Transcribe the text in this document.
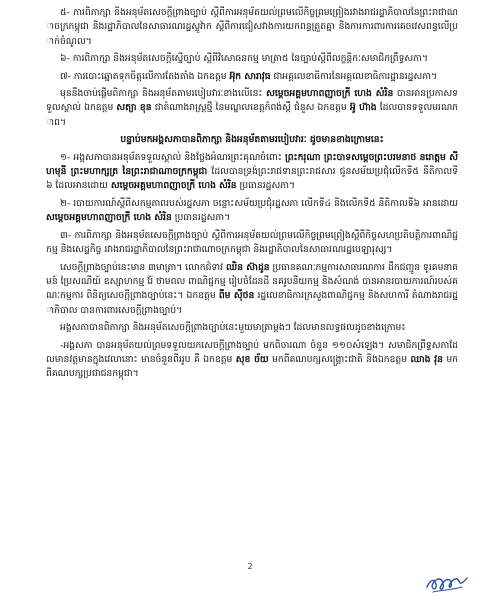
៥- ការពិភាក្សា និងអនុម័តសេចក្តីព្រាងច្បាប់ ស្តីពីការអនុម័តយល់ព្រមលើកិច្ចព្រមព្រៀងរវាងរាជរដ្ឋាភិបាលនៃព្រះរាជាណាចក្រកម្ពុជា និងរដ្ឋាភិបាលនៃសាធារណរដ្ឋស្លូវ៉ាក ស្តីពីការជៀសវាងការយកពន្ធត្រួតគ្នា និងការការពារការគេចវេសពន្ធលើប្រាក់ចំណូល។

៦- ការពិភាក្សា និងអនុម័តសេចក្តីស្នើច្បាប់ ស្តីពីវិសោធនកម្ម មាត្រា៥ នៃច្បាប់ស្តីពីលក្ខន្តិកៈសមាជិកព្រឹទ្ធសភា។

៧- ការបោះឆ្នោតទុកចិត្តលើការតែងតាំង ឯកឧត្តម អ៊ុក សារាវុធ ជាអគ្គលេខាធិការនៃអគ្គលេខាធិការដ្ឋានរដ្ឋសភា។

មុននឹងចាប់ផ្តើមពិភាក្សា និងអនុម័តតាមរបៀបវារៈខាងលើនេះ សម្តេចអគ្គមហាពញាចក្រី ហេង សំរិន បានអានប្រកាសទទួលស្គាល់ ឯកឧត្តម សត្យា ខុន ជាតំណាងរាស្ត្រថ្មី នៃមណ្ឌលខេត្តកំពង់ស្ពឺ ជំនួស ឯកឧត្តម អ៊ូ ហ៊ាង ដែលបានទទួលមរណភាព។

បន្ទាប់មកអង្គសភាបានពិភាក្សា និងអនុម័តតាមរបៀបវារៈ ដូចមានខាងក្រោមនេះ

១- អង្គសភាបានអនុម័តទទួលស្គាល់ និងថ្លែងអំណរព្រះគុណចំពោះ ព្រះករុណា ព្រះបាទសម្តេចព្រះបរមនាថ នរោត្តម សីហមុនី ព្រះមហាក្សត្រ នៃព្រះរាជាណាចក្រកម្ពុជា ដែលបានទ្រង់ព្រះរាជទានព្រះរាជសារ ជូនសម័យប្រជុំលើកទី៥ នីតិកាលទី៦ ដែលអានដោយ សម្តេចអគ្គមហាពញាចក្រី ហេង សំរិន ប្រធានរដ្ឋសភា។

២- របាយការណ៍ស្តីពីសកម្មភាពរបស់រដ្ឋសភា ចន្លោះសម័យប្រជុំរដ្ឋសភា លើកទី៤ និងលើកទី៥ នីតិកាលទី៦ អានដោយ សម្តេចអគ្គមហាពញាចក្រី ហេង សំរិន ប្រធានរដ្ឋសភា។

៣- ការពិភាក្សា និងអនុម័តសេចក្តីព្រាងច្បាប់ ស្តីពីការអនុម័តយល់ព្រមលើកិច្ចព្រមព្រៀងស្តីពីកិច្ចសហប្រតិបត្តិការពាណិជ្ជកម្ម និងសេដ្ឋកិច្ច រវាងរាជរដ្ឋាភិបាលនៃព្រះរាជាណាចក្រកម្ពុជា និងរដ្ឋាភិបាលនៃសាធារណរដ្ឋបេឡារុស្ស។

សេចក្តីព្រាងច្បាប់នេះមាន ៣មាត្រា។ លោកជំទាវ ឈិន ស៊ាដូន ប្រធានគណៈកម្មការសាធារណការ ដឹកជញ្ជូន ទូរគមនាគមន៍ ប្រៃសណីយ៍ ឧស្សាហកម្ម រ៉ែ ថាមពល ពាណិជ្ជកម្ម រៀបចំដែនដី នគរូបនីយកម្ម និងសំណង់ បានអានរបាយការណ៍របស់គណៈកម្មការ ពិនិត្យសេចក្តីព្រាងច្បាប់នេះ។ ឯកឧត្តម ពឹម ស៊ីថន រដ្ឋលេខាធិការក្រសួងពាណិជ្ជកម្ម និងសហការី តំណាងរាជរដ្ឋាភិបាល បានការពារសេចក្តីព្រាងច្បាប់។

អង្គសភាបានពិភាក្សា និងអនុម័តសេចក្តីព្រាងច្បាប់នេះមួយមាត្រាម្តងៗ ដែលមានលទ្ធផលដូចខាងក្រោម៖

-អង្គសភា បានអនុម័តយល់ព្រមទទួលយកសេចក្តីព្រាងច្បាប់ មកពិចារណា ចំនួន ១១០សំឡេង។ សមាជិកព្រឹទ្ធសភាដែលមានវត្តមានក្នុងវេលានោះ មានចំនួនពីររូប គឺ ឯកឧត្តម សុខ ច័យ មកពីគណបក្សសង្គ្រោះជាតិ និងឯកឧត្តម ឈាង វុន មកពីគណបក្សប្រជាជនកម្ពុជា។

2
